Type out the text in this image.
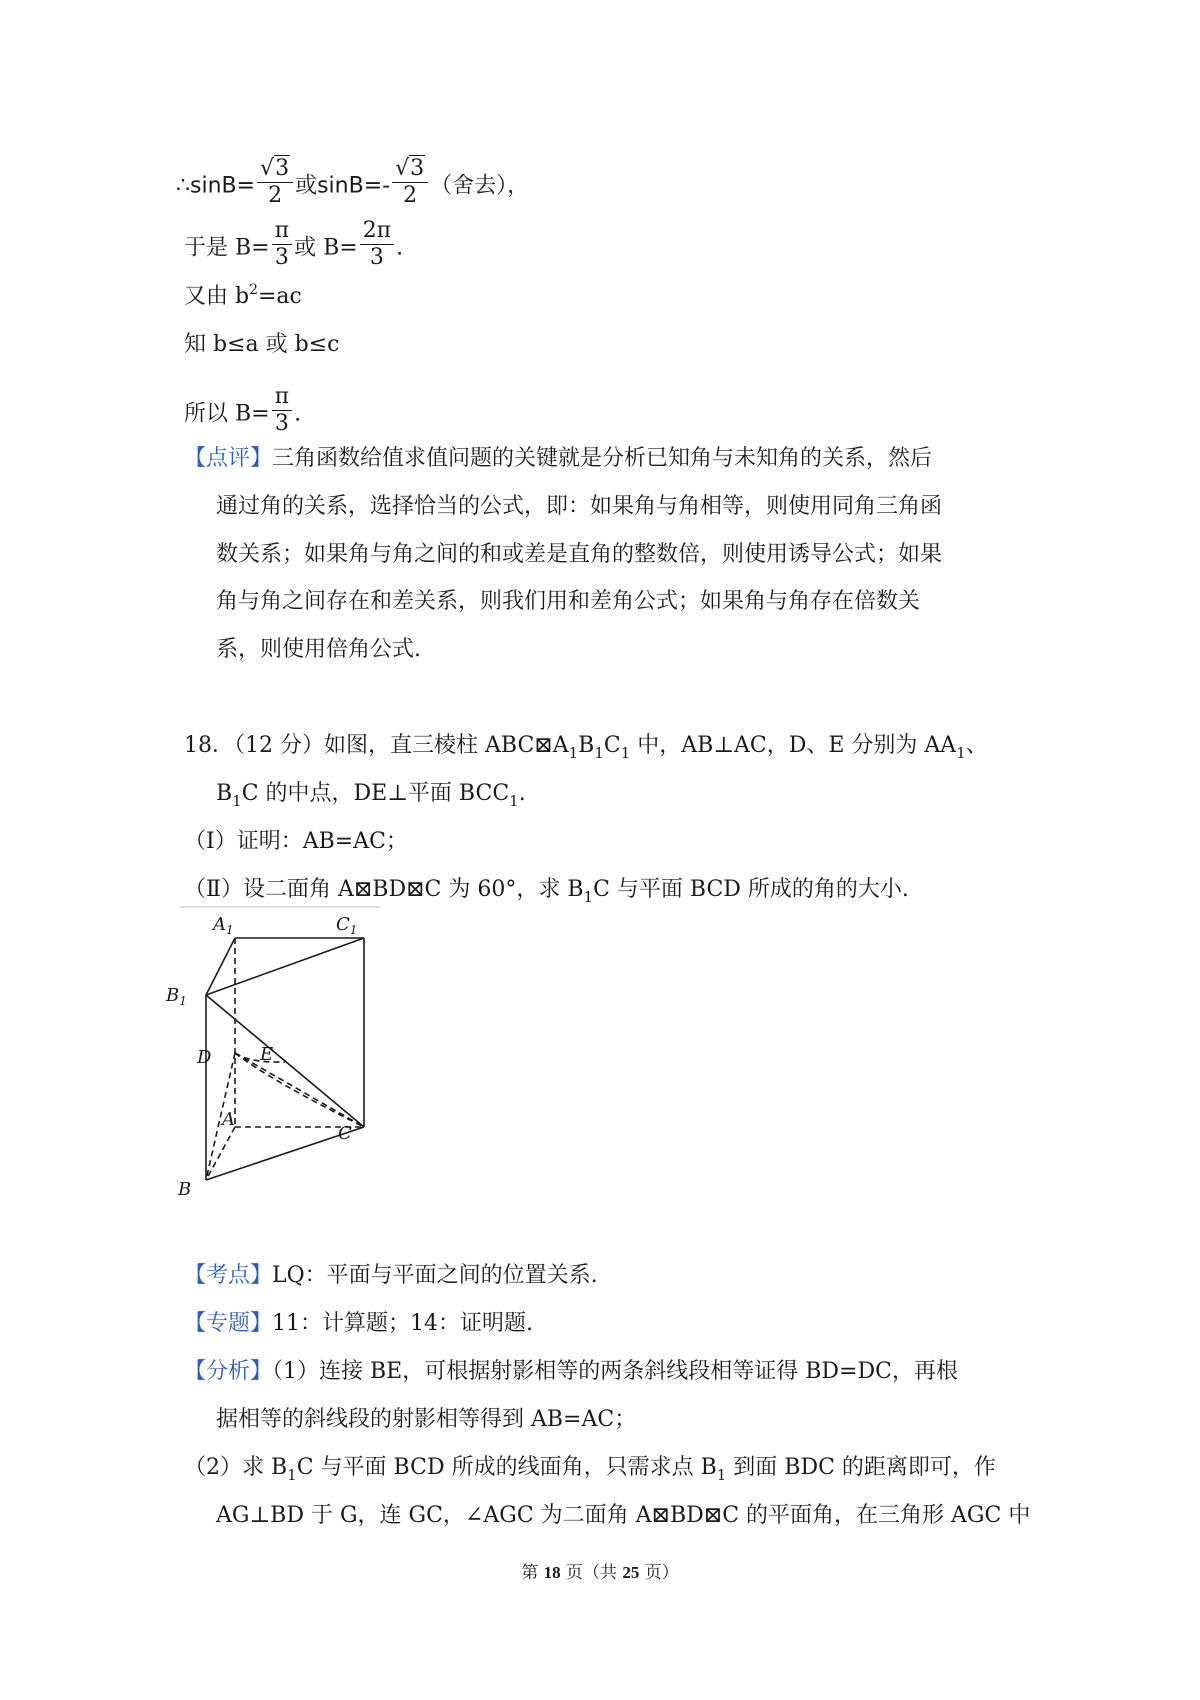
∴sinB= $\frac{√3}{2}$ 或$\sin B=- \frac{√3}{2}$ （舍去），
于是 $B= \frac{\pi}{3}$ 或 $B= \frac{2\pi}{3}$ .
又由 $b^2=ac$
知 b≤a 或 b≤c
所以 $B= \frac{\pi}{3}$ .
【点评】三角函数给值求值问题的关键就是分析已知角与未知角的关系，然后
通过角的关系，选择恰当的公式，即：如果角与角相等，则使用同角三角函
数关系；如果角与角之间的和或差是直角的整数倍，则使用诱导公式；如果
角与角之间存在和差关系，则我们用和差角公式；如果角与角存在倍数关
系，则使用倍角公式.
18．（12 分）如图，直三棱柱 $ABC⊠A_1B_1C_1$ 中，AB⊥AC，D、E 分别为 $AA_1$、
$B_1C$ 的中点，DE⊥平面 $BCC_1$.
（Ⅰ）证明：AB=AC；
（Ⅱ）设二面角 A⊠BD⊠C 为 60°，求 $B_1C$ 与平面 BCD 所成的角的大小.
$A_1$	$C_1$
$B_1$
D	E
A
C
B
【考点】LQ：平面与平面之间的位置关系.
【专题】11：计算题；14：证明题.
【分析】（1）连接 BE，可根据射影相等的两条斜线段相等证得 BD=DC，再根
据相等的斜线段的射影相等得到 AB=AC；
（2）求 $B_1C$ 与平面 BCD 所成的线面角，只需求点 $B_1$ 到面 BDC 的距离即可，作
AG⊥BD 于 G，连 GC，∠AGC 为二面角 A⊠BD⊠C 的平面角，在三角形 AGC 中
第 18 页（共 25 页）
